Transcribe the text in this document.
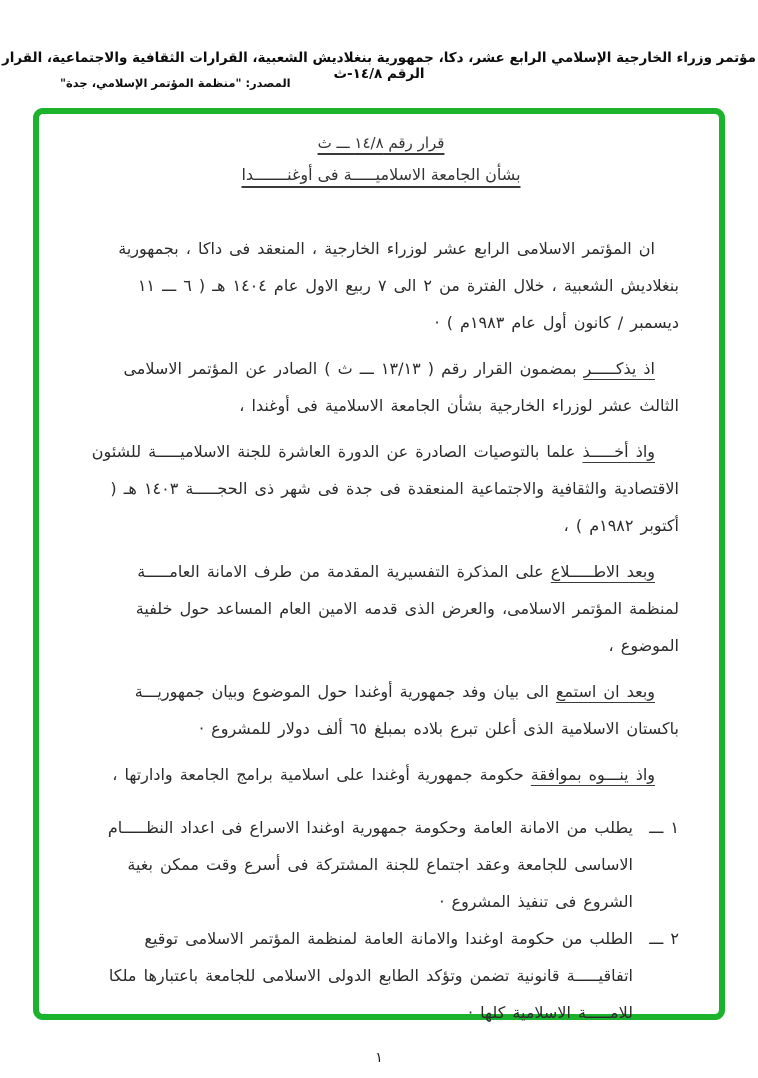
مؤتمر وزراء الخارجية الإسلامي الرابع عشر، دكا، جمهورية بنغلاديش الشعبية، القرارات الثقافية والاجتماعية، القرار الرقم ١٤/٨-ث
المصدر: "منظمة المؤتمر الإسلامي، جدة"
قرار رقم ١٤/٨ ـــ ث
بشأن الجامعة الاسلاميـــــة فى أوغنـــــــدا

ان المؤتمر الاسلامى الرابع عشر لوزراء الخارجية ، المنعقد فى داكا ، بجمهورية بنغلاديش الشعبية ، خلال الفترة من ٢ الى ٧ ربيع الاول عام ١٤٠٤ هـ ( ٦ ـــ ١١ ديسمبر / كانون أول عام ١٩٨٣م ) ·

اذ يذكـــــر بمضمون القرار رقم ( ١٣/١٣ ـــ ث ) الصادر عن المؤتمر الاسلامى الثالث عشر لوزراء الخارجية بشأن الجامعة الاسلامية فى أوغندا ،

واذ أخـــــذ علما بالتوصيات الصادرة عن الدورة العاشرة للجنة الاسلاميـــــة للشئون الاقتصادية والثقافية والاجتماعية المنعقدة فى جدة فى شهر ذى الحجـــــة ١٤٠٣ هـ ( أكتوبر ١٩٨٢م ) ،

وبعد الاطـــــلاع على المذكرة التفسيرية المقدمة من طرف الامانة العامـــــة لمنظمة المؤتمر الاسلامى، والعرض الذى قدمه الامين العام المساعد حول خلفية الموضوع ،

وبعد ان استمع الى بيان وفد جمهورية أوغندا حول الموضوع وبيان جمهوريـــة باكستان الاسلامية الذى أعلن تبرع بلاده بمبلغ ٦٥ ألف دولار للمشروع ·

واذ ينـــوه بموافقة حكومة جمهورية أوغندا على اسلامية برامج الجامعة وادارتها ،

١ ـــ
يطلب من الامانة العامة وحكومة جمهورية اوغندا الاسراع فى اعداد النظـــــام الاساسى للجامعة وعقد اجتماع للجنة المشتركة فى أسرع وقت ممكن بغية الشروع فى تنفيذ المشروع ·
٢ ـــ
الطلب من حكومة اوغندا والامانة العامة لمنظمة المؤتمر الاسلامى توقيع اتفاقيـــــة قانونية تضمن وتؤكد الطابع الدولى الاسلامى للجامعة باعتبارها ملكا للامـــــة الاسلامية كلها ·
١
